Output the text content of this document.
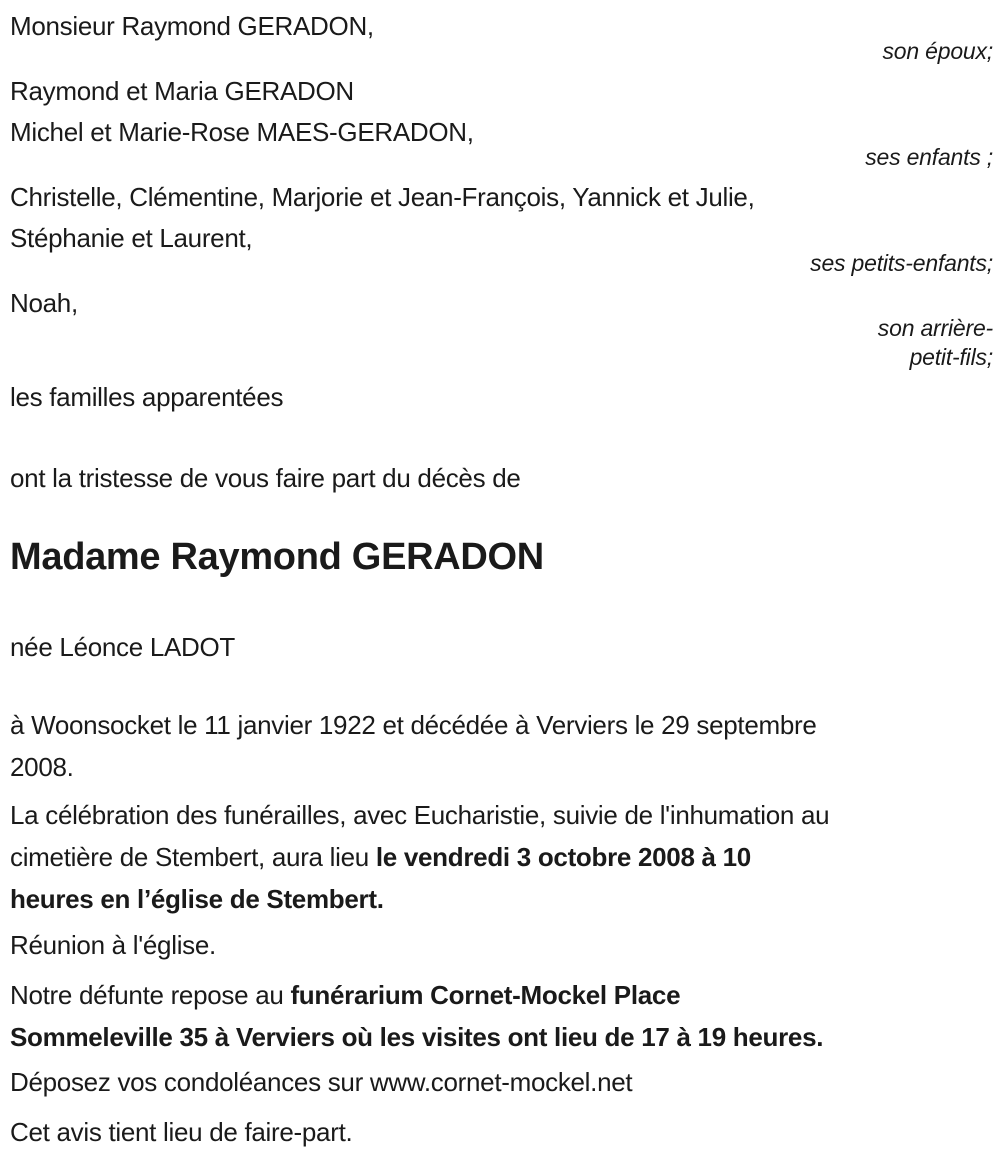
Monsieur Raymond GERADON,
son époux;
Raymond et Maria GERADON
Michel et Marie-Rose MAES-GERADON,
ses enfants ;
Christelle, Clémentine, Marjorie et Jean-François, Yannick et Julie,
Stéphanie et Laurent,
ses petits-enfants;
Noah,
son arrière-
petit-fils;
les familles apparentées
ont la tristesse de vous faire part du décès de
Madame Raymond GERADON
née Léonce LADOT
à Woonsocket le 11 janvier 1922 et décédée à Verviers le 29 septembre
2008.
La célébration des funérailles, avec Eucharistie, suivie de l'inhumation au
cimetière de Stembert, aura lieu le vendredi 3 octobre 2008 à 10
heures en l’église de Stembert.
Réunion à l'église.
Notre défunte repose au funérarium Cornet-Mockel Place
Sommeleville 35 à Verviers où les visites ont lieu de 17 à 19 heures.
Déposez vos condoléances sur www.cornet-mockel.net
Cet avis tient lieu de faire-part.
